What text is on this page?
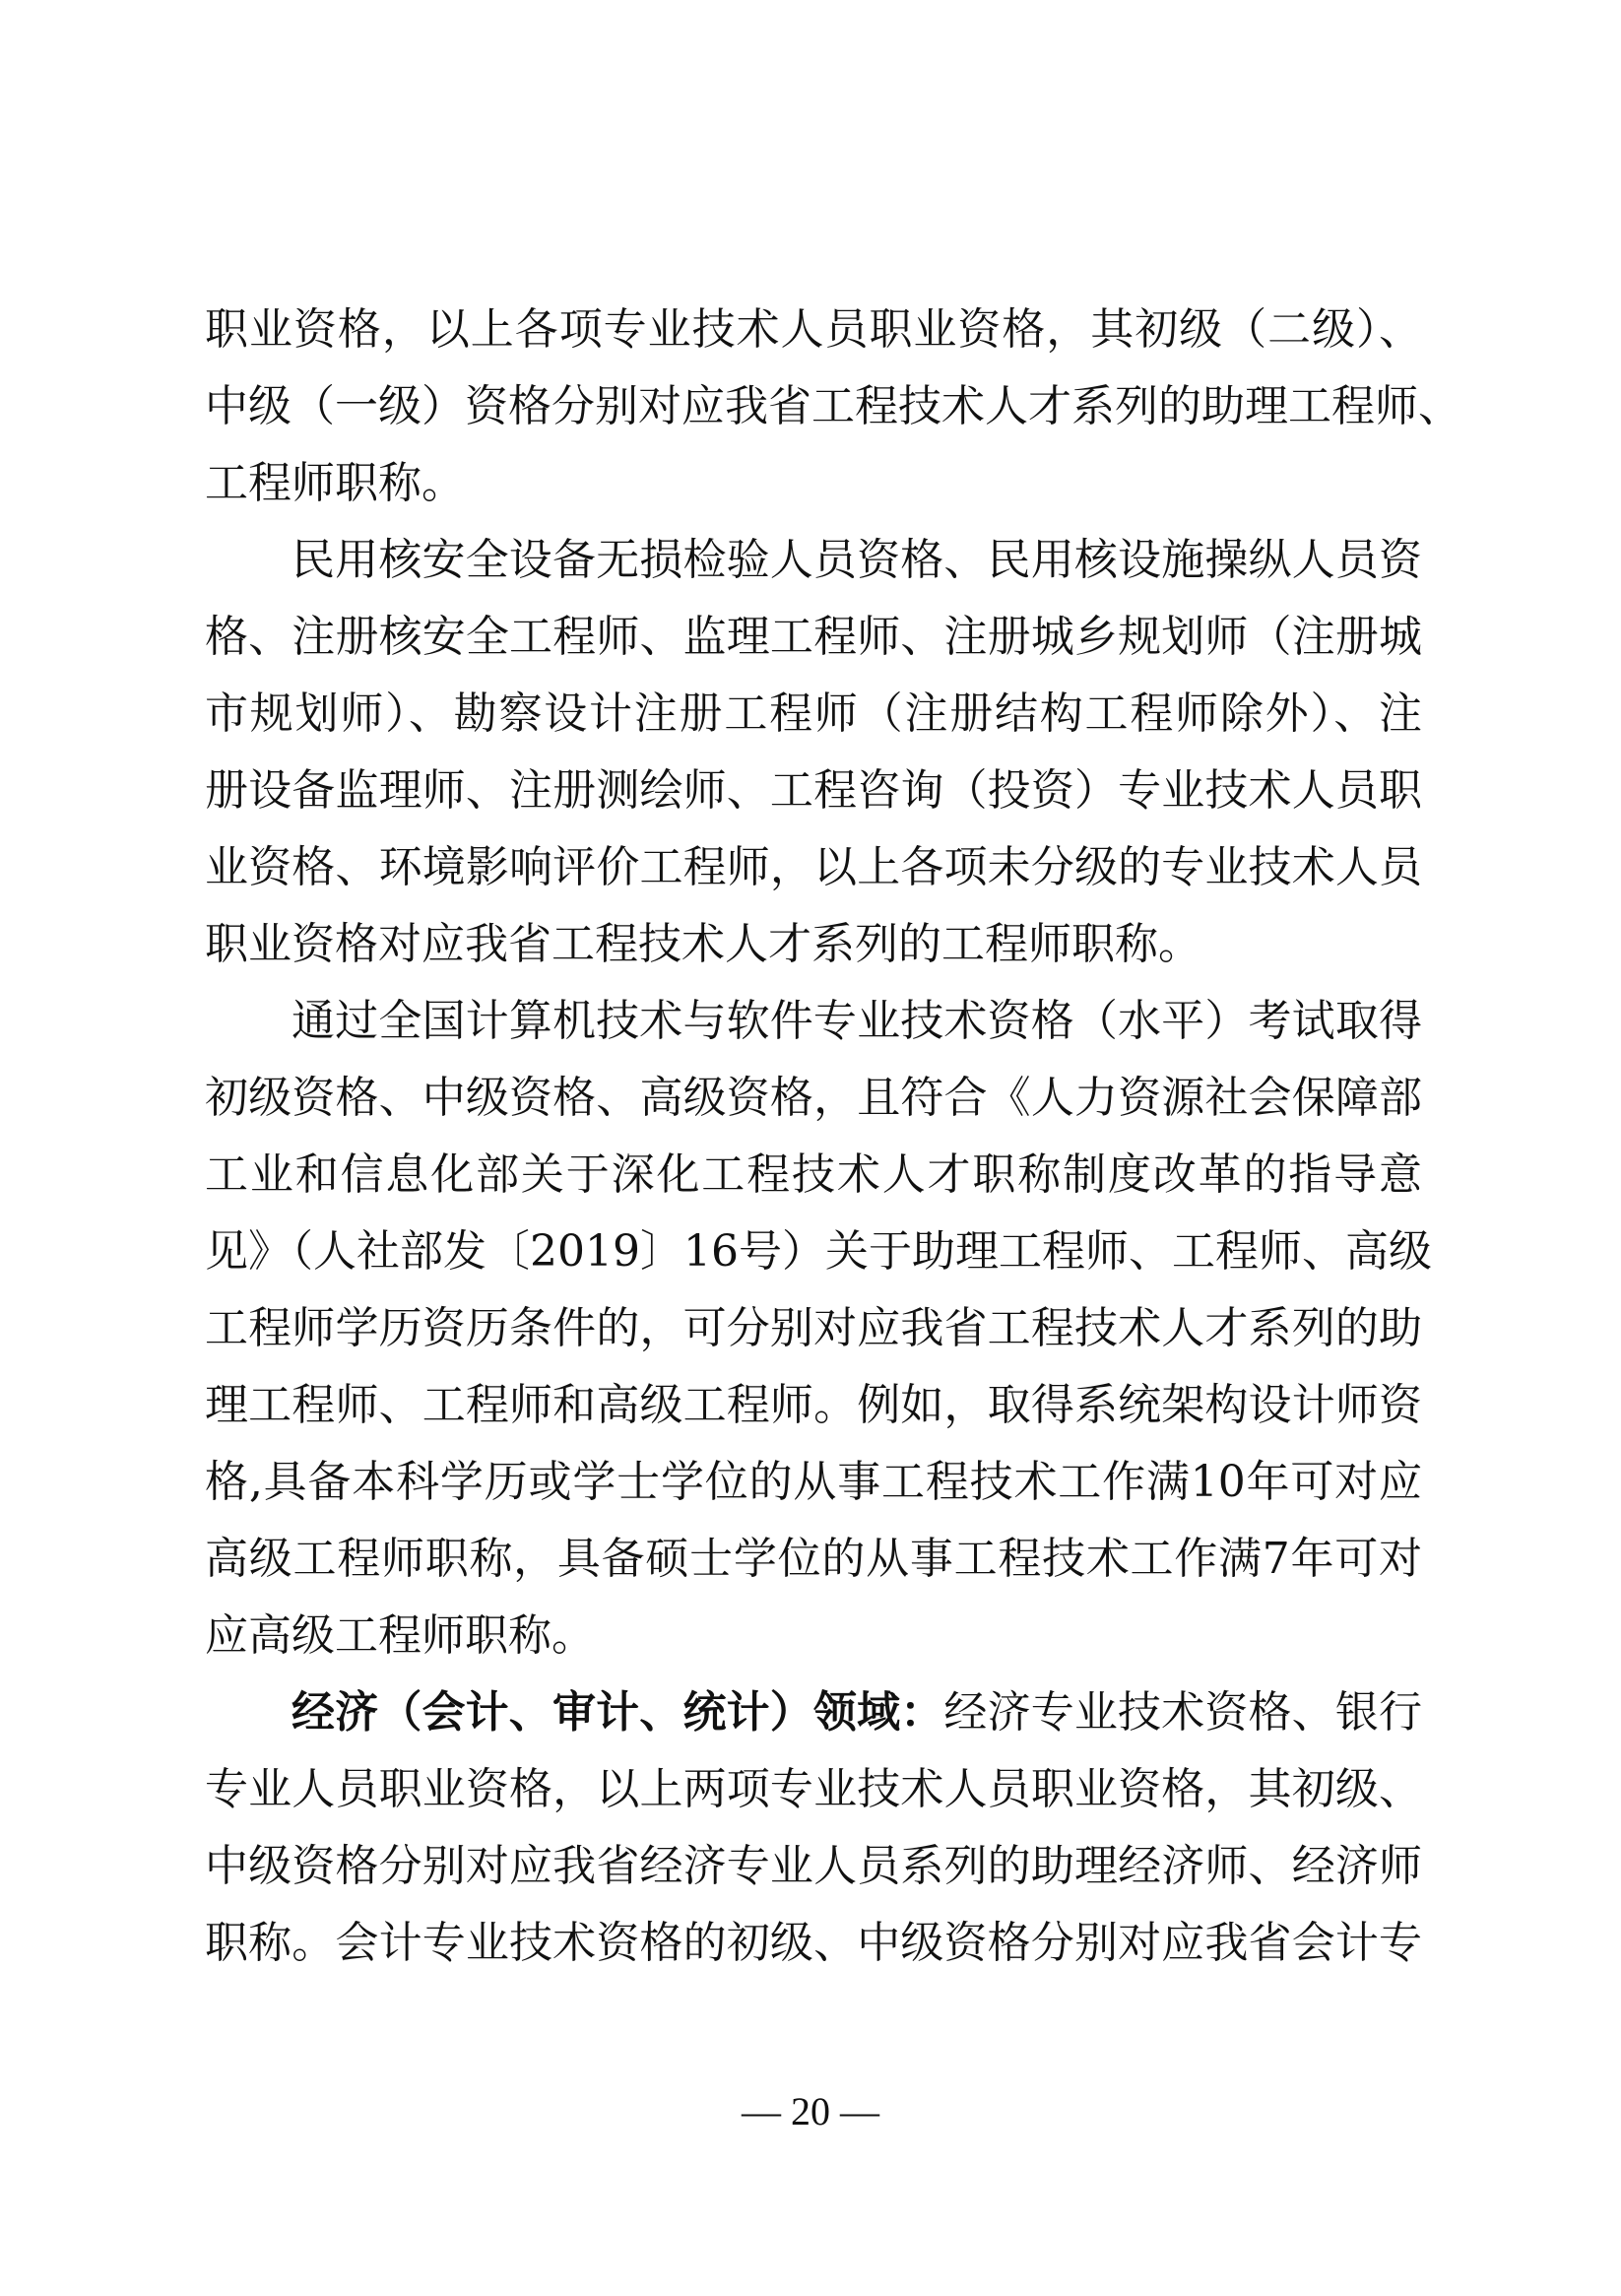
职业资格，以上各项专业技术人员职业资格，其初级（二级）、

中级（一级）资格分别对应我省工程技术人才系列的助理工程师、

工程师职称。

民用核安全设备无损检验人员资格、民用核设施操纵人员资

格、注册核安全工程师、监理工程师、注册城乡规划师（注册城

市规划师）、勘察设计注册工程师（注册结构工程师除外）、注

册设备监理师、注册测绘师、工程咨询（投资）专业技术人员职

业资格、环境影响评价工程师，以上各项未分级的专业技术人员

职业资格对应我省工程技术人才系列的工程师职称。

通过全国计算机技术与软件专业技术资格（水平）考试取得

初级资格、中级资格、高级资格，且符合《人力资源社会保障部

工业和信息化部关于深化工程技术人才职称制度改革的指导意

见》（人社部发〔2019〕16号）关于助理工程师、工程师、高级

工程师学历资历条件的，可分别对应我省工程技术人才系列的助

理工程师、工程师和高级工程师。例如，取得系统架构设计师资

格,具备本科学历或学士学位的从事工程技术工作满10年可对应

高级工程师职称，具备硕士学位的从事工程技术工作满7年可对

应高级工程师职称。

经济（会计、审计、统计）领域：经济专业技术资格、银行

专业人员职业资格，以上两项专业技术人员职业资格，其初级、

中级资格分别对应我省经济专业人员系列的助理经济师、经济师

职称。会计专业技术资格的初级、中级资格分别对应我省会计专

— 20 —
